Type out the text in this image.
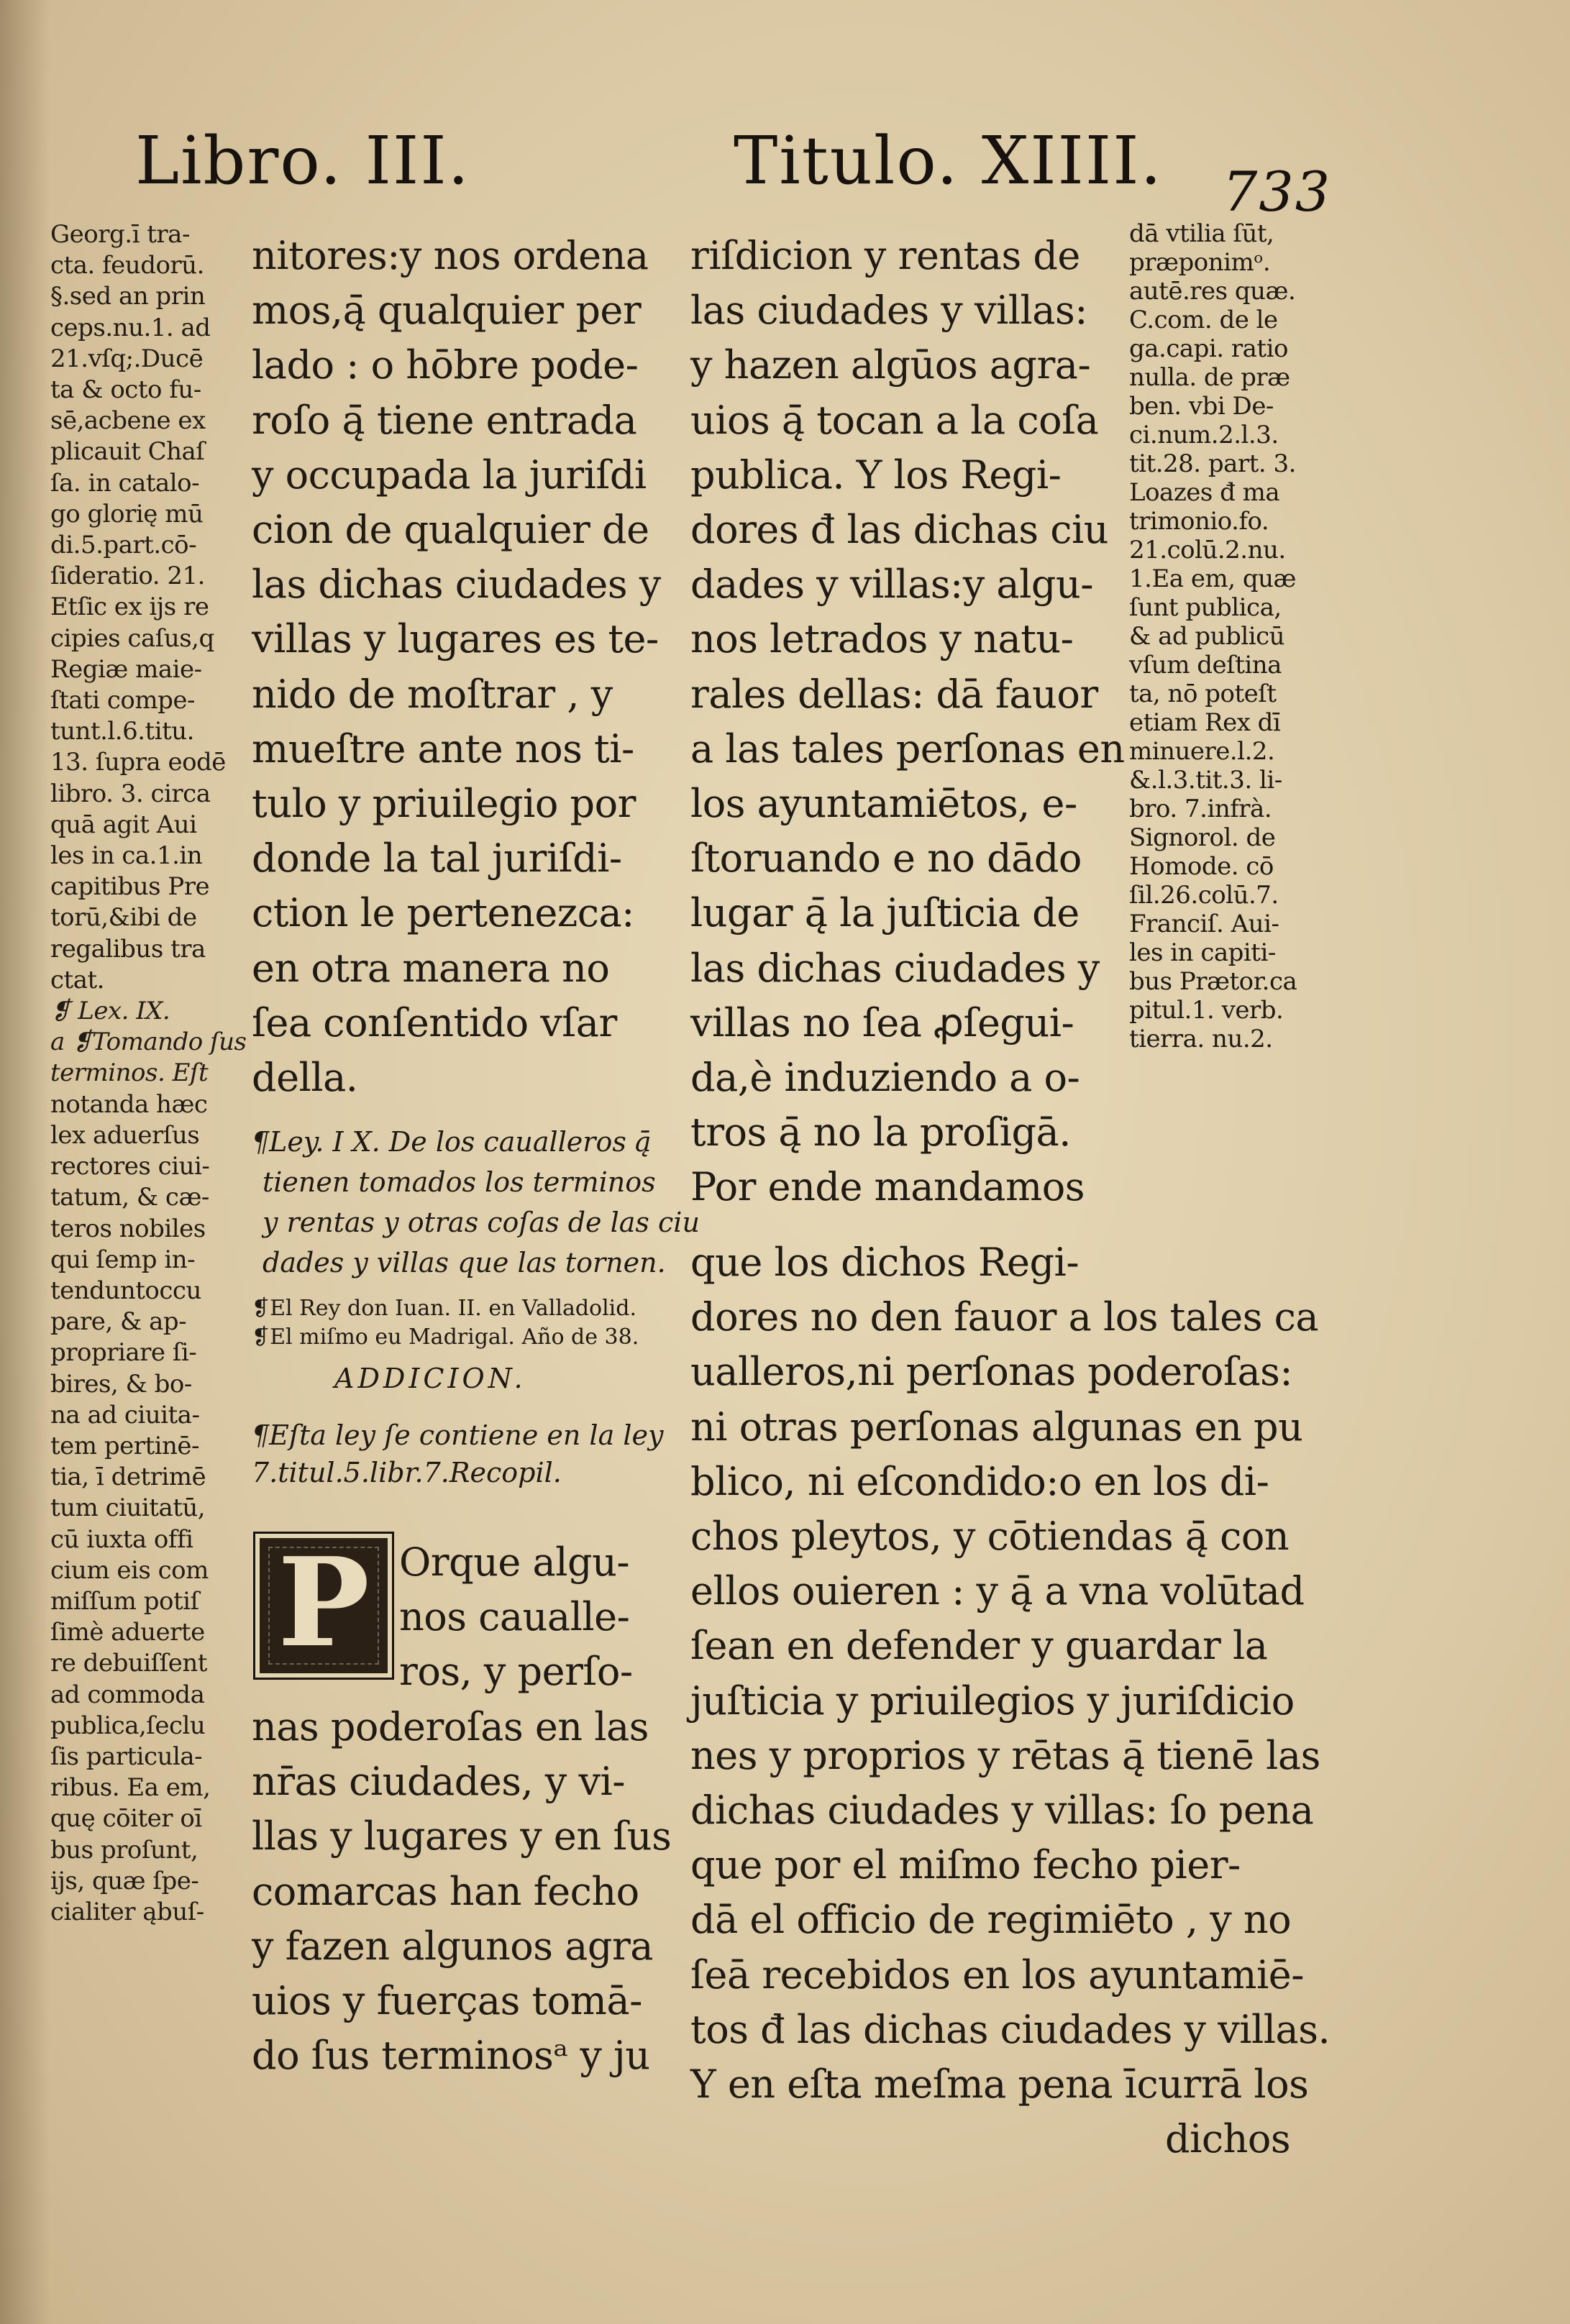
Libro. III.	Titulo. XIIII. 733
Georg.ī tra-
cta. feudorū.
§.sed an prin
ceps.nu.1. ad
21.vſq;.Ducē
ta & octo fu-
sē,acbene ex
plicauit Chaſ
ſa. in catalo-
go glorię mū
di.5.part.cō-
ſideratio. 21.
Etſic ex ijs re
cipies caſus,q
Regiæ maie-
ſtati compe-
tunt.l.6.titu.
13. ſupra eodē
libro. 3. circa
quā agit Aui
les in ca.1.in
capitibus Pre
torū,&ibi de
regalibus tra
ctat.
❡ Lex. IX.
a ❡Tomando ſus
terminos. Eſt
notanda hæc
lex aduerſus
rectores ciui-
tatum, & cæ-
teros nobiles
qui ſemp in-
tenduntoccu
pare, & ap-
propriare ſi-
bires, & bo-
na ad ciuita-
tem pertinē-
tia, ī detrimē
tum ciuitatū,
cū iuxta offi
cium eis com
miſſum potiſ
ſimè aduerte
re debuiſſent
ad commoda
publica,ſeclu
ſis particula-
ribus. Ea em,
quę cōiter oī
bus proſunt,
ijs, quæ ſpe-
cialiter ąbuſ-
nitores:y nos ordena
mos,ą̄ qualquier per
lado : o hōbre pode-
roſo ą̄ tiene entrada
y occupada la juriſdi
cion de qualquier de
las dichas ciudades y
villas y lugares es te-
nido de moſtrar , y
mueſtre ante nos ti-
tulo y priuilegio por
donde la tal juriſdi-
ction le pertenezca:
en otra manera no
ſea conſentido vſar
della.
¶Ley. I X. De los caualleros ą̄
tienen tomados los terminos
y rentas y otras coſas de las ciu
dades y villas que las tornen.
❡El Rey don Iuan. II. en Valladolid.
❡El miſmo eu Madrigal. Año de 38.
ADDICION.
¶Eſta ley ſe contiene en la ley
7.titul.5.libr.7.Recopil.
P Orque algu-
nos caualle-
ros, y perſo-
nas poderoſas en las
nr̄as ciudades, y vi-
llas y lugares y en ſus
comarcas han fecho
y fazen algunos agra
uios y fuerças tomā-
do ſus terminosᵃ y ju
riſdicion y rentas de
las ciudades y villas:
y hazen algūos agra-
uios ą̄ tocan a la coſa
publica. Y los Regi-
dores đ las dichas ciu
dades y villas:y algu-
nos letrados y natu-
rales dellas: dā fauor
a las tales perſonas en
los ayuntamiētos, e-
ſtoruando e no dādo
lugar ą̄ la juſticia de
las dichas ciudades y
villas no ſea ꝓſegui-
da,è induziendo a o-
tros ą̄ no la proſigā.
Por ende mandamos
que los dichos Regi-
dores no den fauor a los tales ca
ualleros,ni perſonas poderoſas:
ni otras perſonas algunas en pu
blico, ni eſcondido:o en los di-
chos pleytos, y cōtiendas ą̄ con
ellos ouieren : y ą̄ a vna volūtad
ſean en defender y guardar la
juſticia y priuilegios y juriſdicio
nes y proprios y rētas ą̄ tienē las
dichas ciudades y villas: ſo pena
que por el miſmo fecho pier-
dā el officio de regimiēto , y no
ſeā recebidos en los ayuntamiē-
tos đ las dichas ciudades y villas.
Y en eſta meſma pena īcurrā los
dichos
dā vtilia ſūt,
præponimᵒ.
autē.res quæ.
C.com. de le
ga.capi. ratio
nulla. de præ
ben. vbi De-
ci.num.2.l.3.
tit.28. part. 3.
Loazes đ ma
trimonio.fo.
21.colū.2.nu.
1.Ea em, quæ
ſunt publica,
& ad publicū
vſum deſtina
ta, nō poteſt
etiam Rex dī
minuere.l.2.
&.l.3.tit.3. li-
bro. 7.infrà.
Signorol. de
Homode. cō
ſil.26.colū.7.
Franciſ. Aui-
les in capiti-
bus Prætor.ca
pitul.1. verb.
tierra. nu.2.
